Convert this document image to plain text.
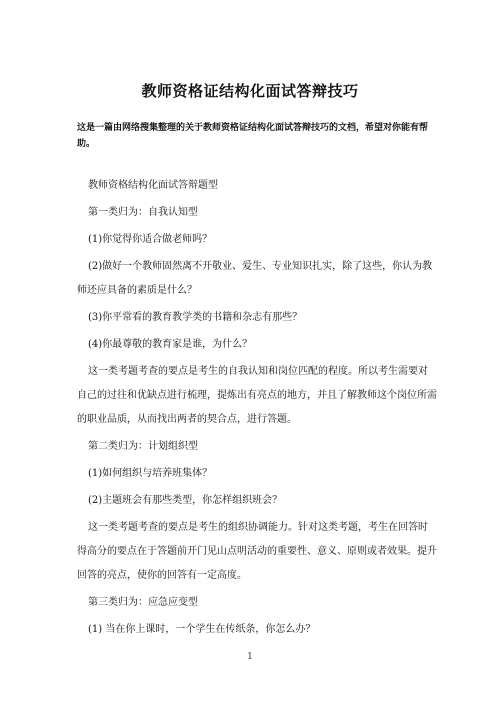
教师资格证结构化面试答辩技巧
这是一篇由网络搜集整理的关于教师资格证结构化面试答辩技巧的文档，希望对你能有帮助。

教师资格结构化面试答辩题型

第一类归为：自我认知型

(1)你觉得你适合做老师吗？

(2)做好一个教师固然离不开敬业、爱生、专业知识扎实，除了这些，你认为教师还应具备的素质是什么？

(3)你平常看的教育教学类的书籍和杂志有那些？

(4)你最尊敬的教育家是谁，为什么？

这一类考题考查的要点是考生的自我认知和岗位匹配的程度。所以考生需要对自己的过往和优缺点进行梳理，提炼出有亮点的地方，并且了解教师这个岗位所需的职业品质，从而找出两者的契合点，进行答题。

第二类归为：计划组织型

(1)如何组织与培养班集体？

(2)主题班会有那些类型，你怎样组织班会？

这一类考题考查的要点是考生的组织协调能力。针对这类考题，考生在回答时得高分的要点在于答题前开门见山点明活动的重要性、意义、原则或者效果。提升回答的亮点，使你的回答有一定高度。

第三类归为：应急应变型

(1) 当在你上课时，一个学生在传纸条，你怎么办？

1
